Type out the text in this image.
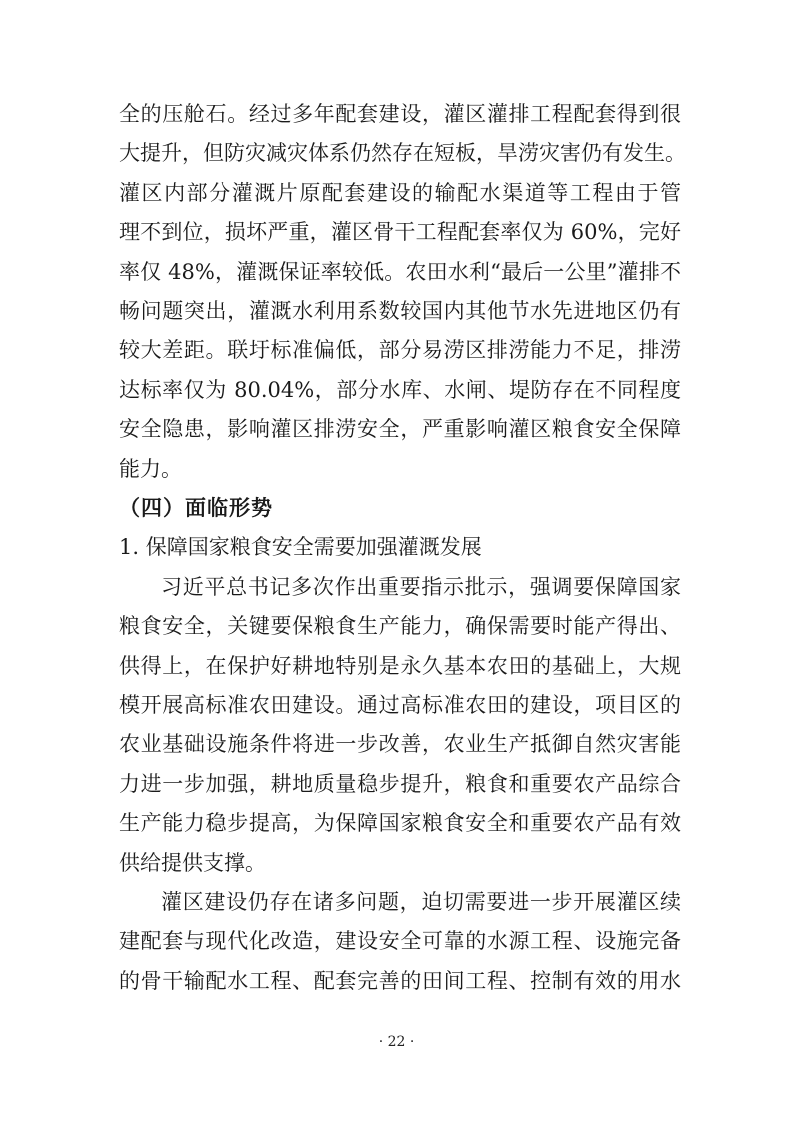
全的压舱石。经过多年配套建设，灌区灌排工程配套得到很
大提升，但防灾减灾体系仍然存在短板，旱涝灾害仍有发生。
灌区内部分灌溉片原配套建设的输配水渠道等工程由于管
理不到位，损坏严重，灌区骨干工程配套率仅为 60%，完好
率仅 48%，灌溉保证率较低。农田水利“最后一公里”灌排不
畅问题突出，灌溉水利用系数较国内其他节水先进地区仍有
较大差距。联圩标准偏低，部分易涝区排涝能力不足，排涝
达标率仅为 80.04%，部分水库、水闸、堤防存在不同程度
安全隐患，影响灌区排涝安全，严重影响灌区粮食安全保障
能力。
（四）面临形势
1. 保障国家粮食安全需要加强灌溉发展
习近平总书记多次作出重要指示批示，强调要保障国家
粮食安全，关键要保粮食生产能力，确保需要时能产得出、
供得上，在保护好耕地特别是永久基本农田的基础上，大规
模开展高标准农田建设。通过高标准农田的建设，项目区的
农业基础设施条件将进一步改善，农业生产抵御自然灾害能
力进一步加强，耕地质量稳步提升，粮食和重要农产品综合
生产能力稳步提高，为保障国家粮食安全和重要农产品有效
供给提供支撑。
灌区建设仍存在诸多问题，迫切需要进一步开展灌区续
建配套与现代化改造，建设安全可靠的水源工程、设施完备
的骨干输配水工程、配套完善的田间工程、控制有效的用水
· 22 ·
